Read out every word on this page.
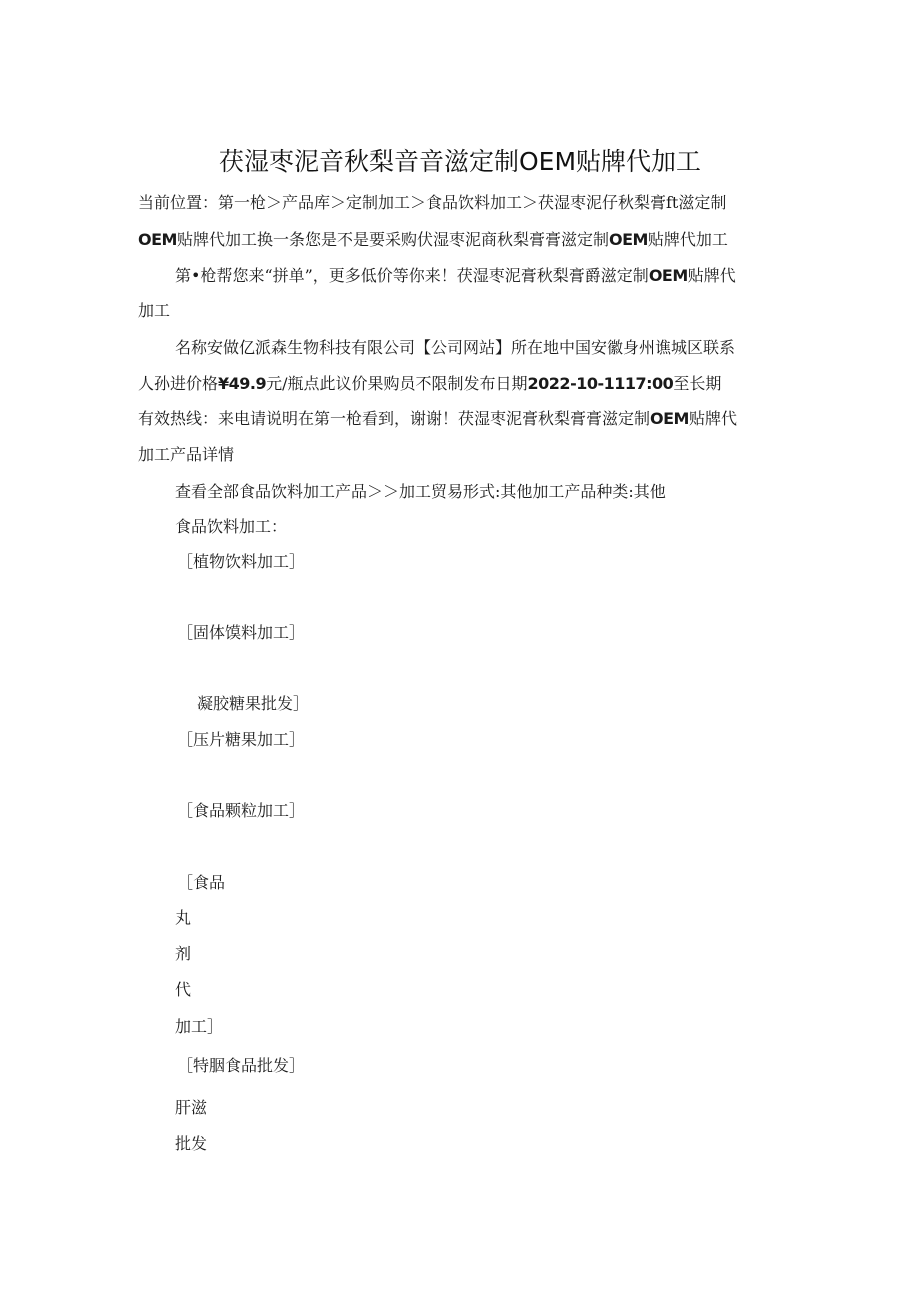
茯湿枣泥音秋梨音音滋定制OEM贴牌代加工
当前位置：第一枪＞产品库＞定制加工＞食品饮料加工＞茯湿枣泥仔秋梨膏ft滋定制
OEM贴牌代加工换一条您是不是要采购伏湿枣泥商秋梨膏膏滋定制OEM贴牌代加工
第•枪帮您来“拼单”，更多低价等你来！茯湿枣泥膏秋梨膏爵滋定制OEM贴牌代
加工
名称安做亿派森生物科技有限公司【公司网站】所在地中国安徽身州谯城区联系
人孙进价格¥49.9元/瓶点此议价果购员不限制发布日期2022-10-1117:00至长期
有效热线：来电请说明在第一枪看到，谢谢！茯湿枣泥膏秋梨膏膏滋定制OEM贴牌代
加工产品详情
查看全部食品饮料加工产品＞＞加工贸易形式:其他加工产品种类:其他
食品饮料加工：
［植物饮料加工］
［固体馍料加工］
凝胶糖果批发］
［压片糖果加工］
［食品颗粒加工］
［食品
丸
剂
代
加工］
［特胭食品批发］
肝滋
批发
